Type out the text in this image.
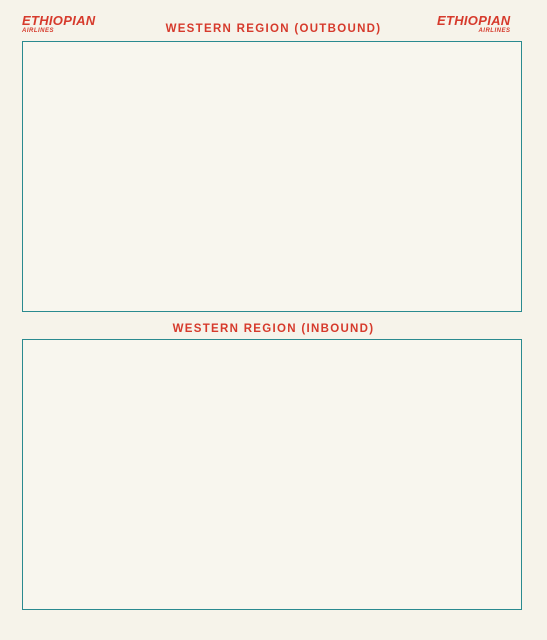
ETHIOPIAN
AIRLINES
ETHIOPIAN
AIRLINES
WESTERN REGION (OUTBOUND)
WESTERN REGION (INBOUND)
